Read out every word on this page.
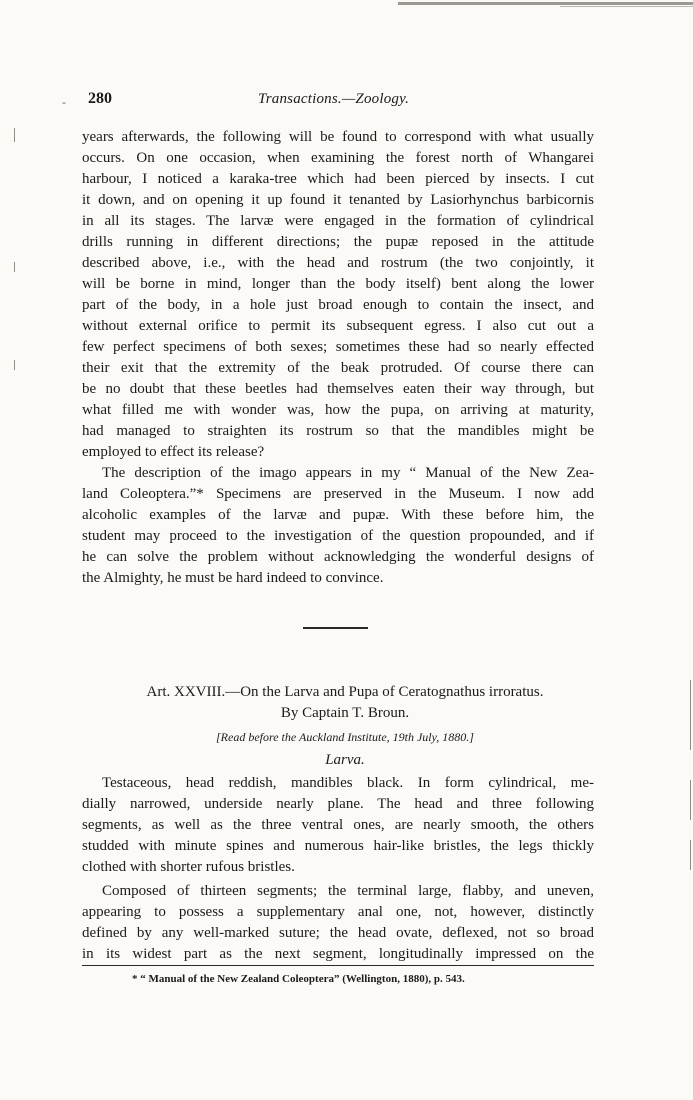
- 280	Transactions.—Zoology.
years afterwards, the following will be found to correspond with what usually
occurs. On one occasion, when examining the forest north of Whangarei
harbour, I noticed a karaka-tree which had been pierced by insects. I cut
it down, and on opening it up found it tenanted by Lasiorhynchus barbicornis
in all its stages. The larvæ were engaged in the formation of cylindrical
drills running in different directions; the pupæ reposed in the attitude
described above, i.e., with the head and rostrum (the two conjointly, it
will be borne in mind, longer than the body itself) bent along the lower
part of the body, in a hole just broad enough to contain the insect, and
without external orifice to permit its subsequent egress. I also cut out a
few perfect specimens of both sexes; sometimes these had so nearly effected
their exit that the extremity of the beak protruded. Of course there can
be no doubt that these beetles had themselves eaten their way through, but
what filled me with wonder was, how the pupa, on arriving at maturity,
had managed to straighten its rostrum so that the mandibles might be
employed to effect its release?
The description of the imago appears in my “ Manual of the New Zea-
land Coleoptera.”* Specimens are preserved in the Museum. I now add
alcoholic examples of the larvæ and pupæ. With these before him, the
student may proceed to the investigation of the question propounded, and if
he can solve the problem without acknowledging the wonderful designs of
the Almighty, he must be hard indeed to convince.
Art. XXVIII.—On the Larva and Pupa of Ceratognathus irroratus.
By Captain T. Broun.
[Read before the Auckland Institute, 19th July, 1880.]
Larva.
Testaceous, head reddish, mandibles black. In form cylindrical, me-
dially narrowed, underside nearly plane. The head and three following
segments, as well as the three ventral ones, are nearly smooth, the others
studded with minute spines and numerous hair-like bristles, the legs thickly
clothed with shorter rufous bristles.
Composed of thirteen segments; the terminal large, flabby, and uneven,
appearing to possess a supplementary anal one, not, however, distinctly
defined by any well-marked suture; the head ovate, deflexed, not so broad
in its widest part as the next segment, longitudinally impressed on the
* “ Manual of the New Zealand Coleoptera” (Wellington, 1880), p. 543.
